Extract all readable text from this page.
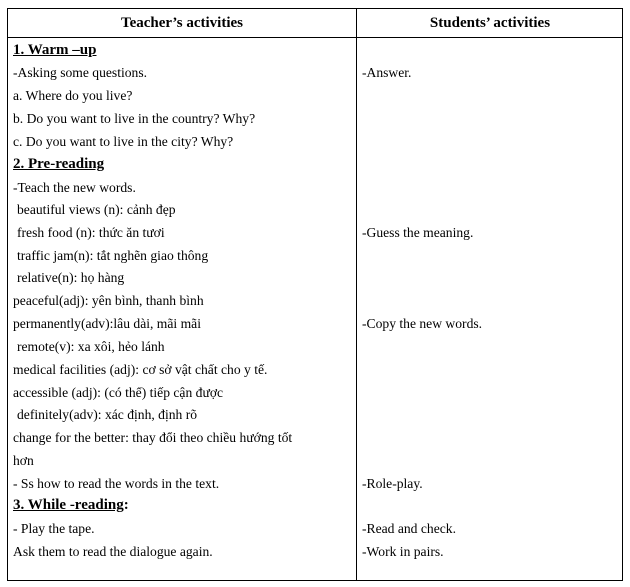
Teacher’s activities	Students’ activities
1. Warm –up
-Asking some questions.
a. Where do you live?
b. Do you want to live in the country? Why?
c. Do you want to live in the city? Why?
2. Pre-reading
-Teach the new words.
beautiful views (n): cảnh đẹp
fresh food (n): thức ăn tươi
traffic jam(n): tắt nghẽn giao thông
relative(n): họ hàng
peaceful(adj): yên bình, thanh bình
permanently(adv):lâu dài, mãi mãi
remote(v): xa xôi, hẻo lánh
medical facilities (adj): cơ sở vật chất cho y tế.
accessible (adj): (có thể) tiếp cận được
definitely(adv): xác định, định rõ
change for the better: thay đổi theo chiều hướng tốt
hơn
- Ss how to read the words in the text.
3. While -reading:
- Play the tape.
Ask them to read the dialogue again.
-Answer.
-Guess the meaning.
-Copy the new words.
-Role-play.
-Read and check.
-Work in pairs.
